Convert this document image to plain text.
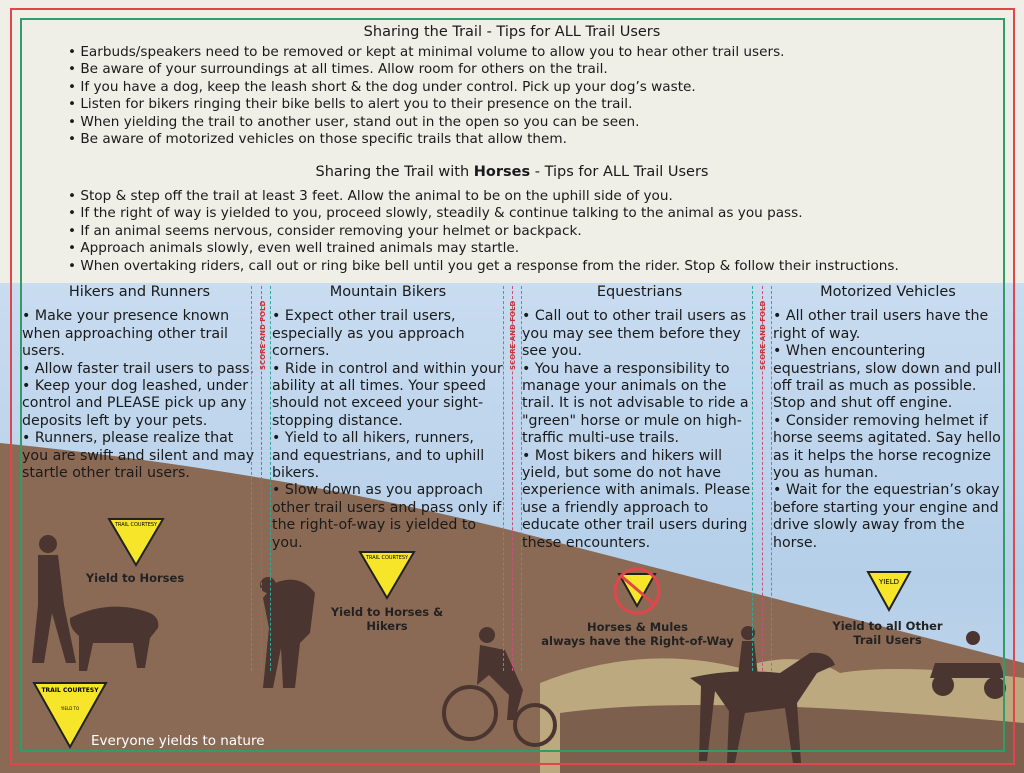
Sharing the Trail - Tips for ALL Trail Users
• Earbuds/speakers need to be removed or kept at minimal volume to allow you to hear other trail users.
• Be aware of your surroundings at all times. Allow room for others on the trail.
• If you have a dog, keep the leash short & the dog under control. Pick up your dog’s waste.
• Listen for bikers ringing their bike bells to alert you to their presence on the trail.
• When yielding the trail to another user, stand out in the open so you can be seen.
• Be aware of motorized vehicles on those specific trails that allow them.
Sharing the Trail with Horses - Tips for ALL Trail Users
• Stop & step off the trail at least 3 feet. Allow the animal to be on the uphill side of you.
• If the right of way is yielded to you, proceed slowly, steadily & continue talking to the animal as you pass.
• If an animal seems nervous, consider removing your helmet or backpack.
• Approach animals slowly, even well trained animals may startle.
• When overtaking riders, call out or ring bike bell until you get a response from the rider. Stop & follow their instructions.
Hikers and Runners

• Make your presence known when approaching other trail users.

• Allow faster trail users to pass.

• Keep your dog leashed, under control and PLEASE pick up any deposits left by your pets.

• Runners, please realize that you are swift and silent and may startle other trail users.

Mountain Bikers

• Expect other trail users, especially as you approach corners.

• Ride in control and within your ability at all times. Your speed should not exceed your sight-stopping distance.

• Yield to all hikers, runners, and equestrians, and to uphill bikers.

• Slow down as you approach other trail users and pass only if the right-of-way is yielded to you.

Equestrians

• Call out to other trail users as you may see them before they see you.

• You have a responsibility to manage your animals on the trail. It is not advisable to ride a "green" horse or mule on high-traffic multi-use trails.

• Most bikers and hikers will yield, but some do not have experience with animals. Please use a friendly approach to educate other trail users during these encounters.

Motorized Vehicles

• All other trail users have the right of way.

• When encountering equestrians, slow down and pull off trail as much as possible. Stop and shut off engine.

• Consider removing helmet if horse seems agitated. Say hello as it helps the horse recognize you as human.

• Wait for the equestrian’s okay before starting your engine and drive slowly away from the horse.

SCORE AND FOLD	SCORE AND FOLD	SCORE AND FOLD
TRAIL COURTESY
Yield to Horses
TRAIL COURTESY
Yield to Horses & Hikers	Horses & Mules
always have the Right-of-Way
YIELD
Yield to all Other
Trail Users
TRAIL COURTESY
YIELD TO
Everyone yields to nature
